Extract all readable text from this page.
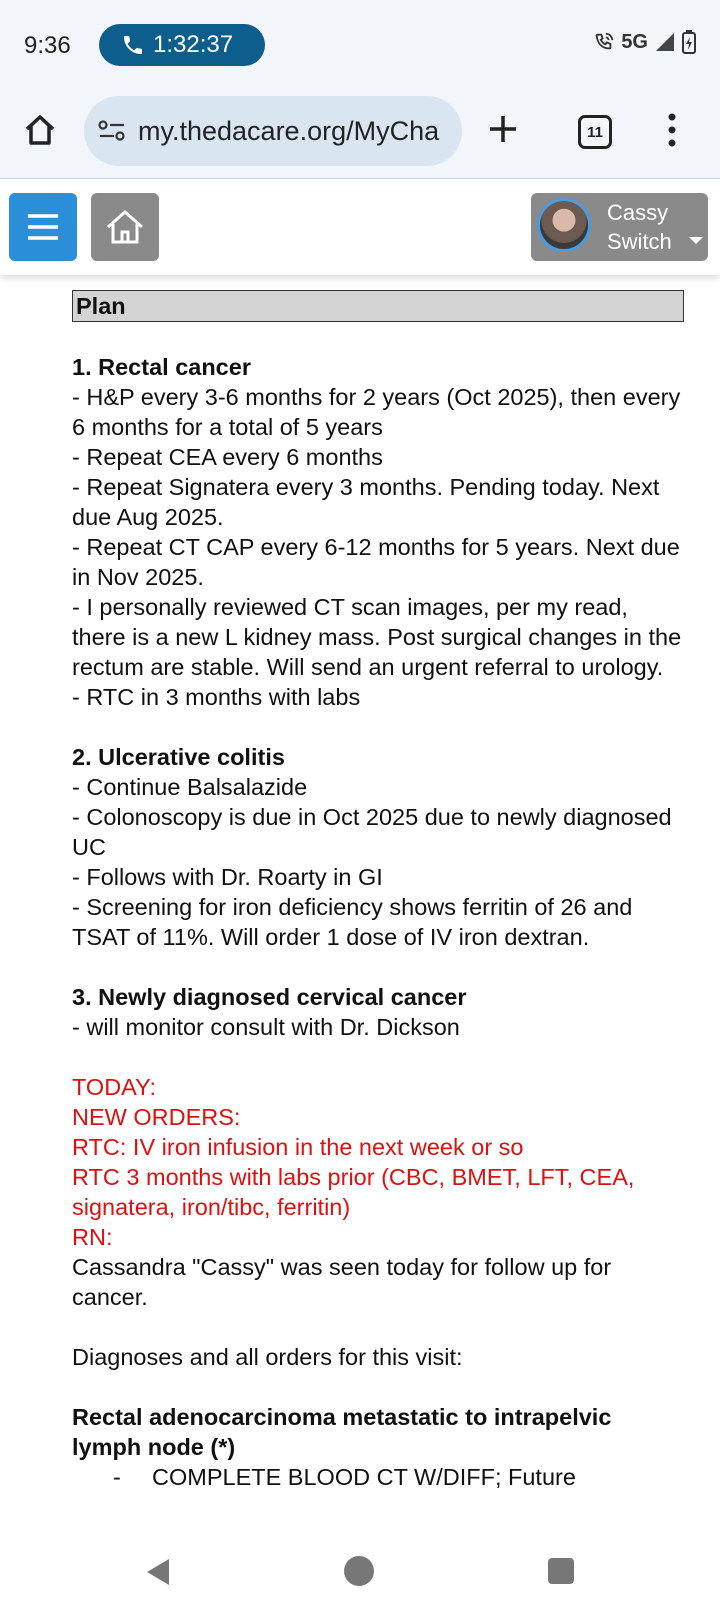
9:36	1:32:37	5G
my.thedacare.org/MyCha	11
Cassy
Switch
Plan
1. Rectal cancer
- H&P every 3-6 months for 2 years (Oct 2025), then every 6 months for a total of 5 years
- Repeat CEA every 6 months
- Repeat Signatera every 3 months. Pending today. Next due Aug 2025.
- Repeat CT CAP every 6-12 months for 5 years. Next due in Nov 2025.
- I personally reviewed CT scan images, per my read, there is a new L kidney mass. Post surgical changes in the rectum are stable. Will send an urgent referral to urology.
- RTC in 3 months with labs
2. Ulcerative colitis
- Continue Balsalazide
- Colonoscopy is due in Oct 2025 due to newly diagnosed UC
- Follows with Dr. Roarty in GI
- Screening for iron deficiency shows ferritin of 26 and TSAT of 11%. Will order 1 dose of IV iron dextran.
3. Newly diagnosed cervical cancer
- will monitor consult with Dr. Dickson
TODAY:
NEW ORDERS:
RTC: IV iron infusion in the next week or so
RTC 3 months with labs prior (CBC, BMET, LFT, CEA, signatera, iron/tibc, ferritin)
RN:
Cassandra "Cassy" was seen today for follow up for cancer.
Diagnoses and all orders for this visit:
Rectal adenocarcinoma metastatic to intrapelvic lymph node (*)
- COMPLETE BLOOD CT W/DIFF; Future
